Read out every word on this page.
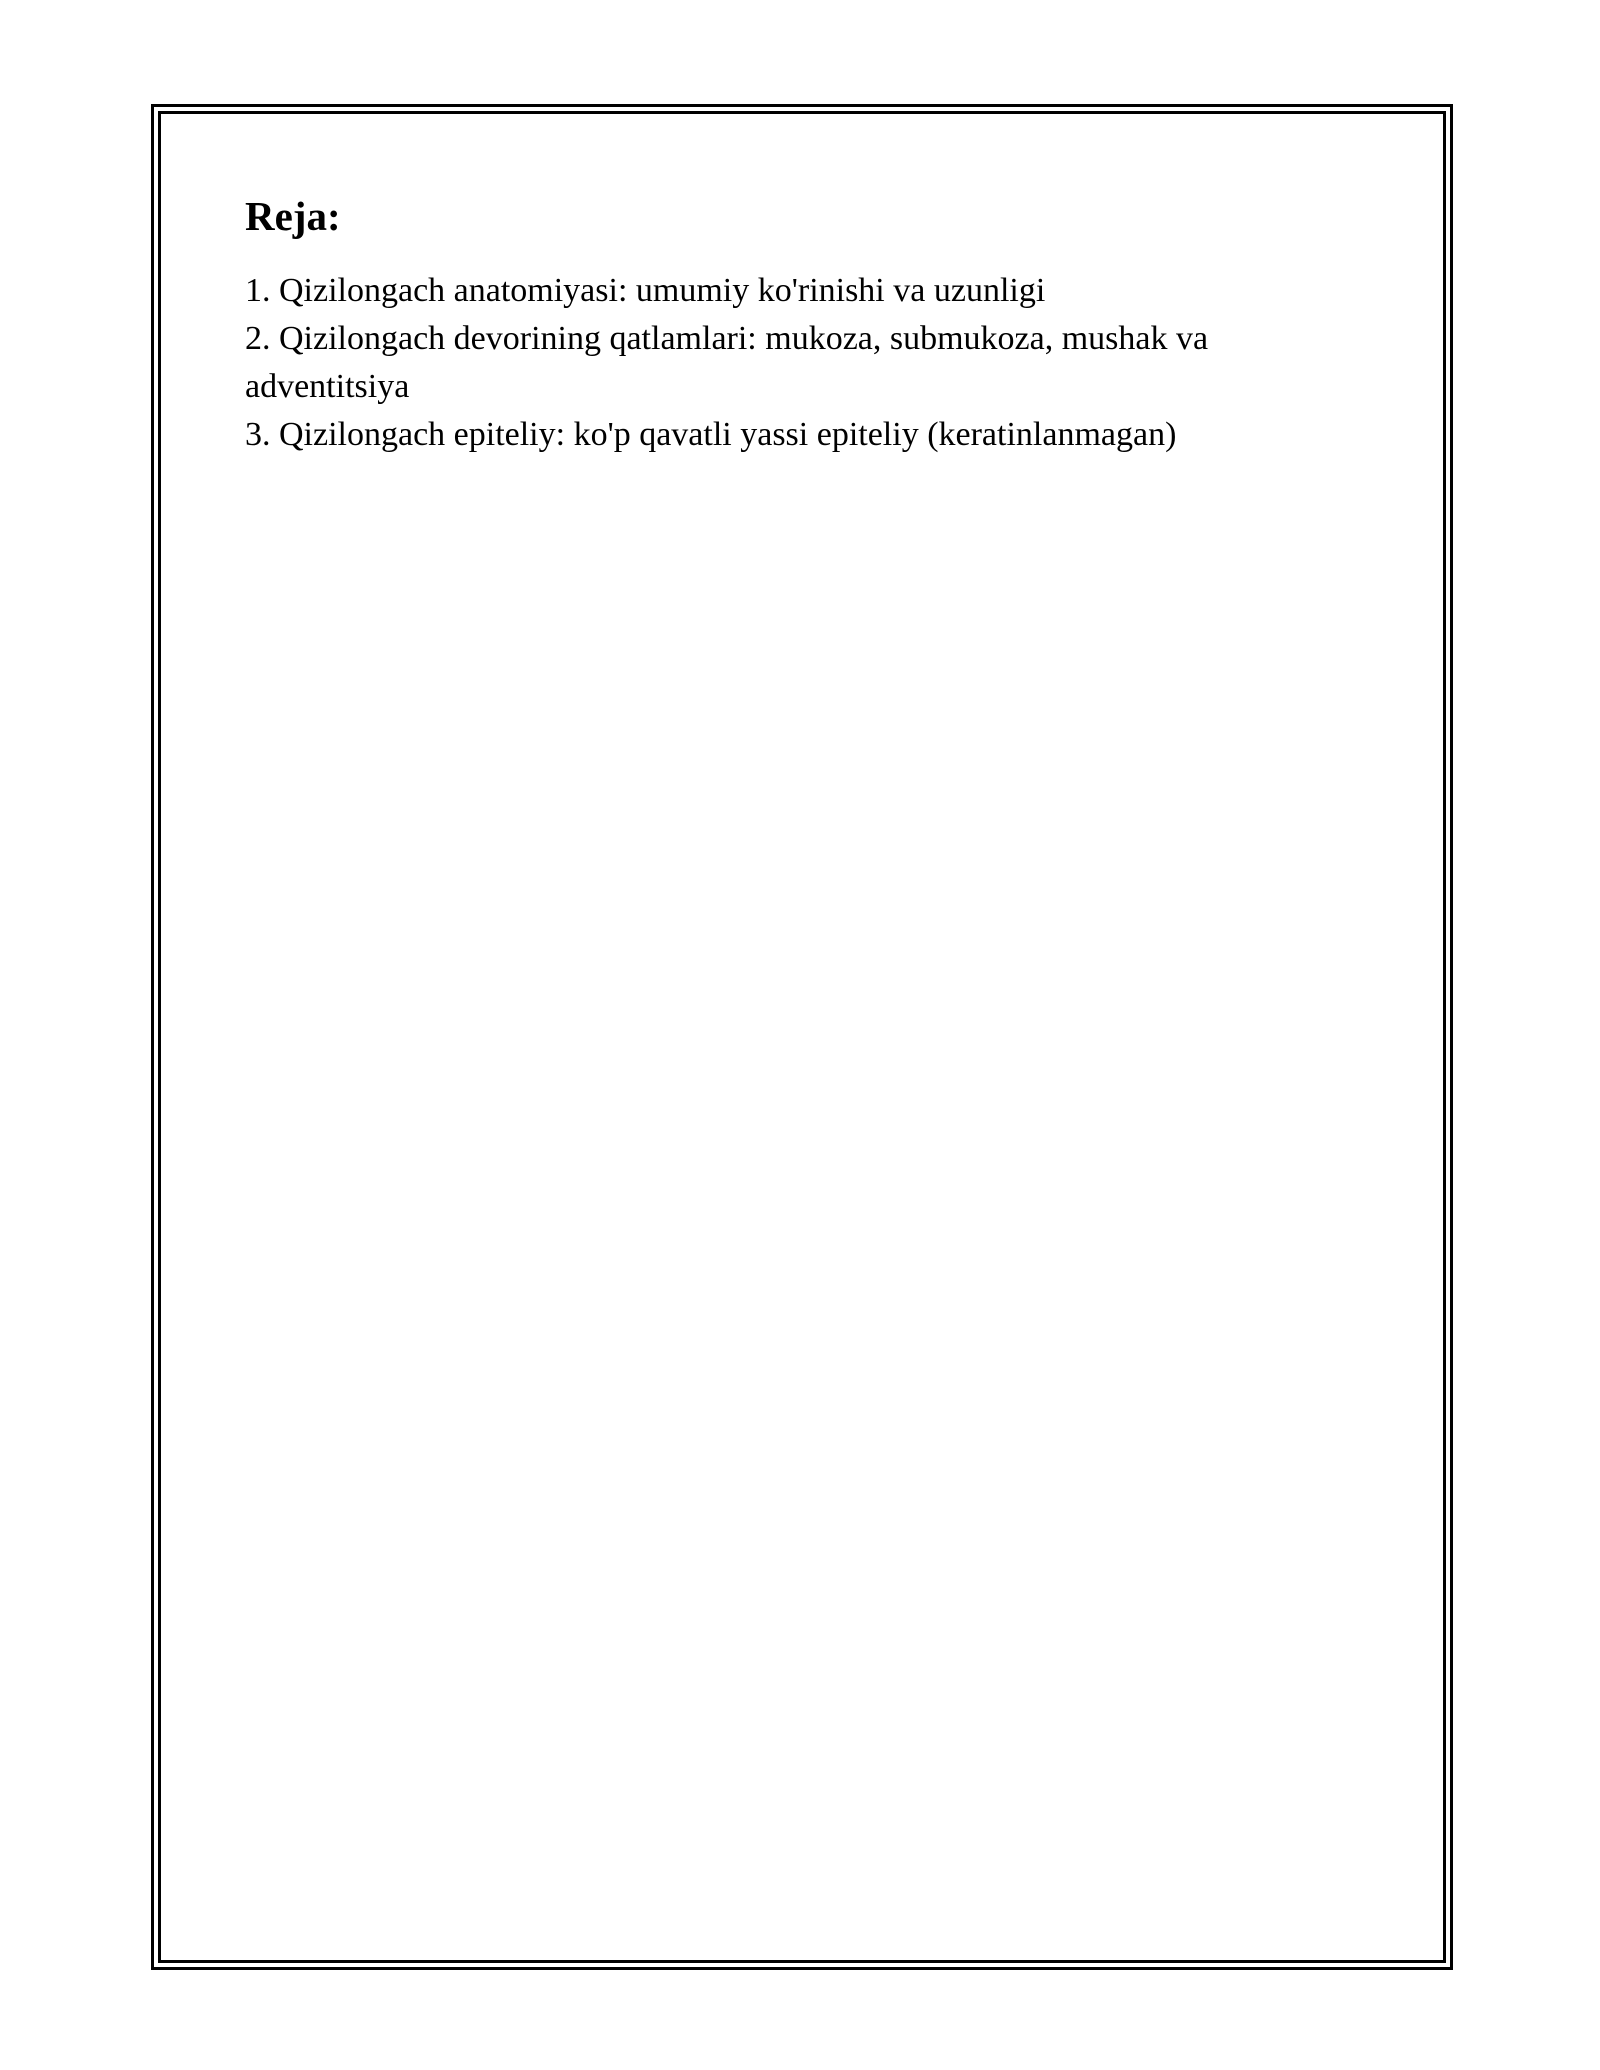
Reja:
1. Qizilongach anatomiyasi: umumiy ko'rinishi va uzunligi
2. Qizilongach devorining qatlamlari: mukoza, submukoza, mushak va adventitsiya
3. Qizilongach epiteliy: ko'p qavatli yassi epiteliy (keratinlanmagan)
